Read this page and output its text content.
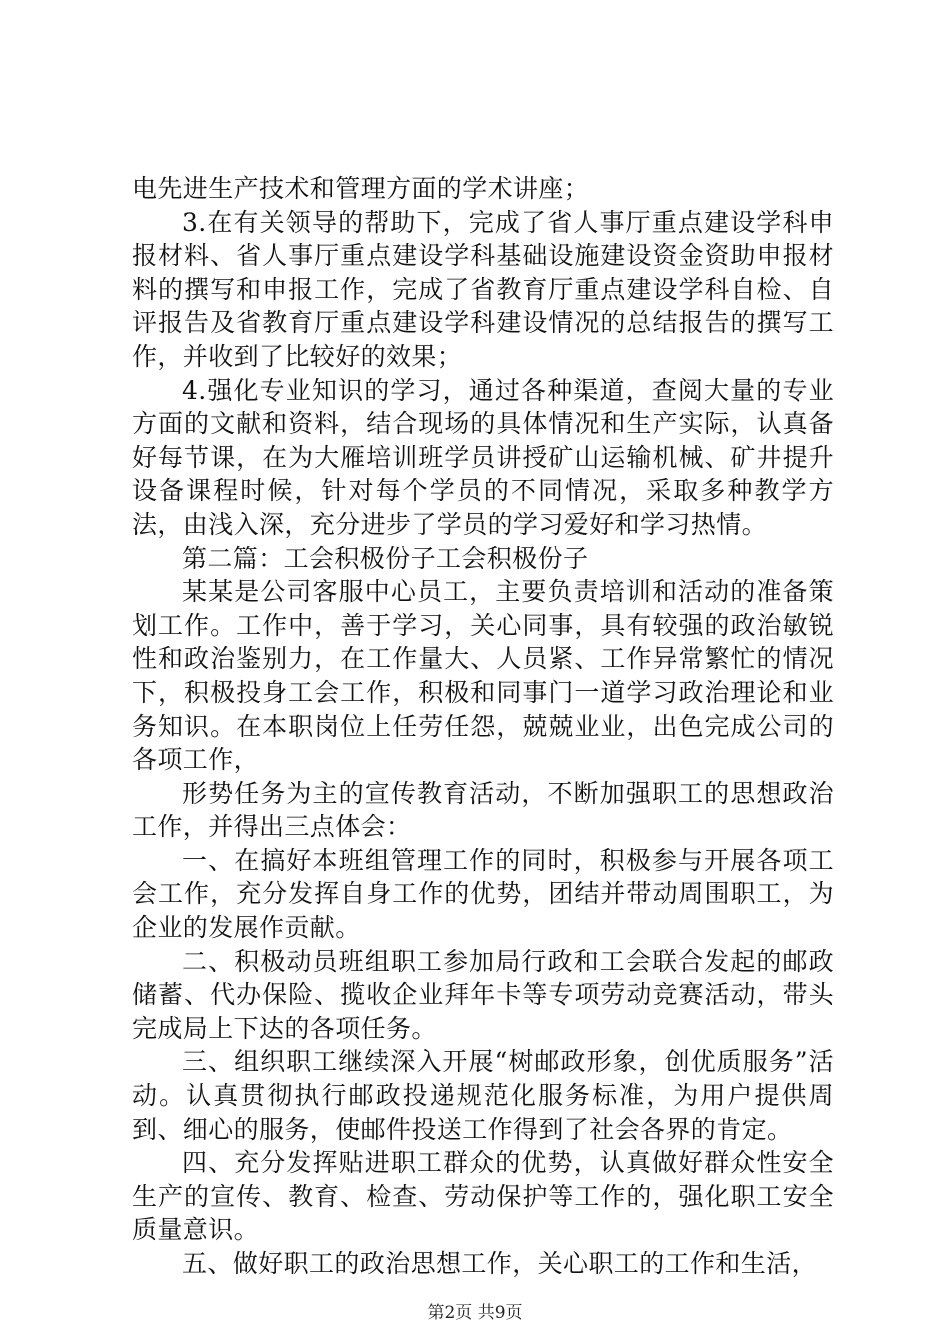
电先进生产技术和管理方面的学术讲座；

3.在有关领导的帮助下，完成了省人事厅重点建设学科申报材料、省人事厅重点建设学科基础设施建设资金资助申报材料的撰写和申报工作，完成了省教育厅重点建设学科自检、自评报告及省教育厅重点建设学科建设情况的总结报告的撰写工作，并收到了比较好的效果；

4.强化专业知识的学习，通过各种渠道，查阅大量的专业方面的文献和资料，结合现场的具体情况和生产实际，认真备好每节课，在为大雁培训班学员讲授矿山运输机械、矿井提升设备课程时候，针对每个学员的不同情况，采取多种教学方法，由浅入深，充分进步了学员的学习爱好和学习热情。

第二篇：工会积极份子工会积极份子

某某是公司客服中心员工，主要负责培训和活动的准备策划工作。工作中，善于学习，关心同事，具有较强的政治敏锐性和政治鉴别力，在工作量大、人员紧、工作异常繁忙的情况下，积极投身工会工作，积极和同事门一道学习政治理论和业务知识。在本职岗位上任劳任怨，兢兢业业，出色完成公司的各项工作，

形势任务为主的宣传教育活动，不断加强职工的思想政治工作，并得出三点体会：

一、在搞好本班组管理工作的同时，积极参与开展各项工会工作，充分发挥自身工作的优势，团结并带动周围职工，为企业的发展作贡献。

二、积极动员班组职工参加局行政和工会联合发起的邮政储蓄、代办保险、揽收企业拜年卡等专项劳动竞赛活动，带头完成局上下达的各项任务。

三、组织职工继续深入开展“树邮政形象，创优质服务”活动。认真贯彻执行邮政投递规范化服务标准，为用户提供周到、细心的服务，使邮件投送工作得到了社会各界的肯定。

四、充分发挥贴进职工群众的优势，认真做好群众性安全生产的宣传、教育、检查、劳动保护等工作的，强化职工安全质量意识。

五、做好职工的政治思想工作，关心职工的工作和生活，

第2页 共9页
